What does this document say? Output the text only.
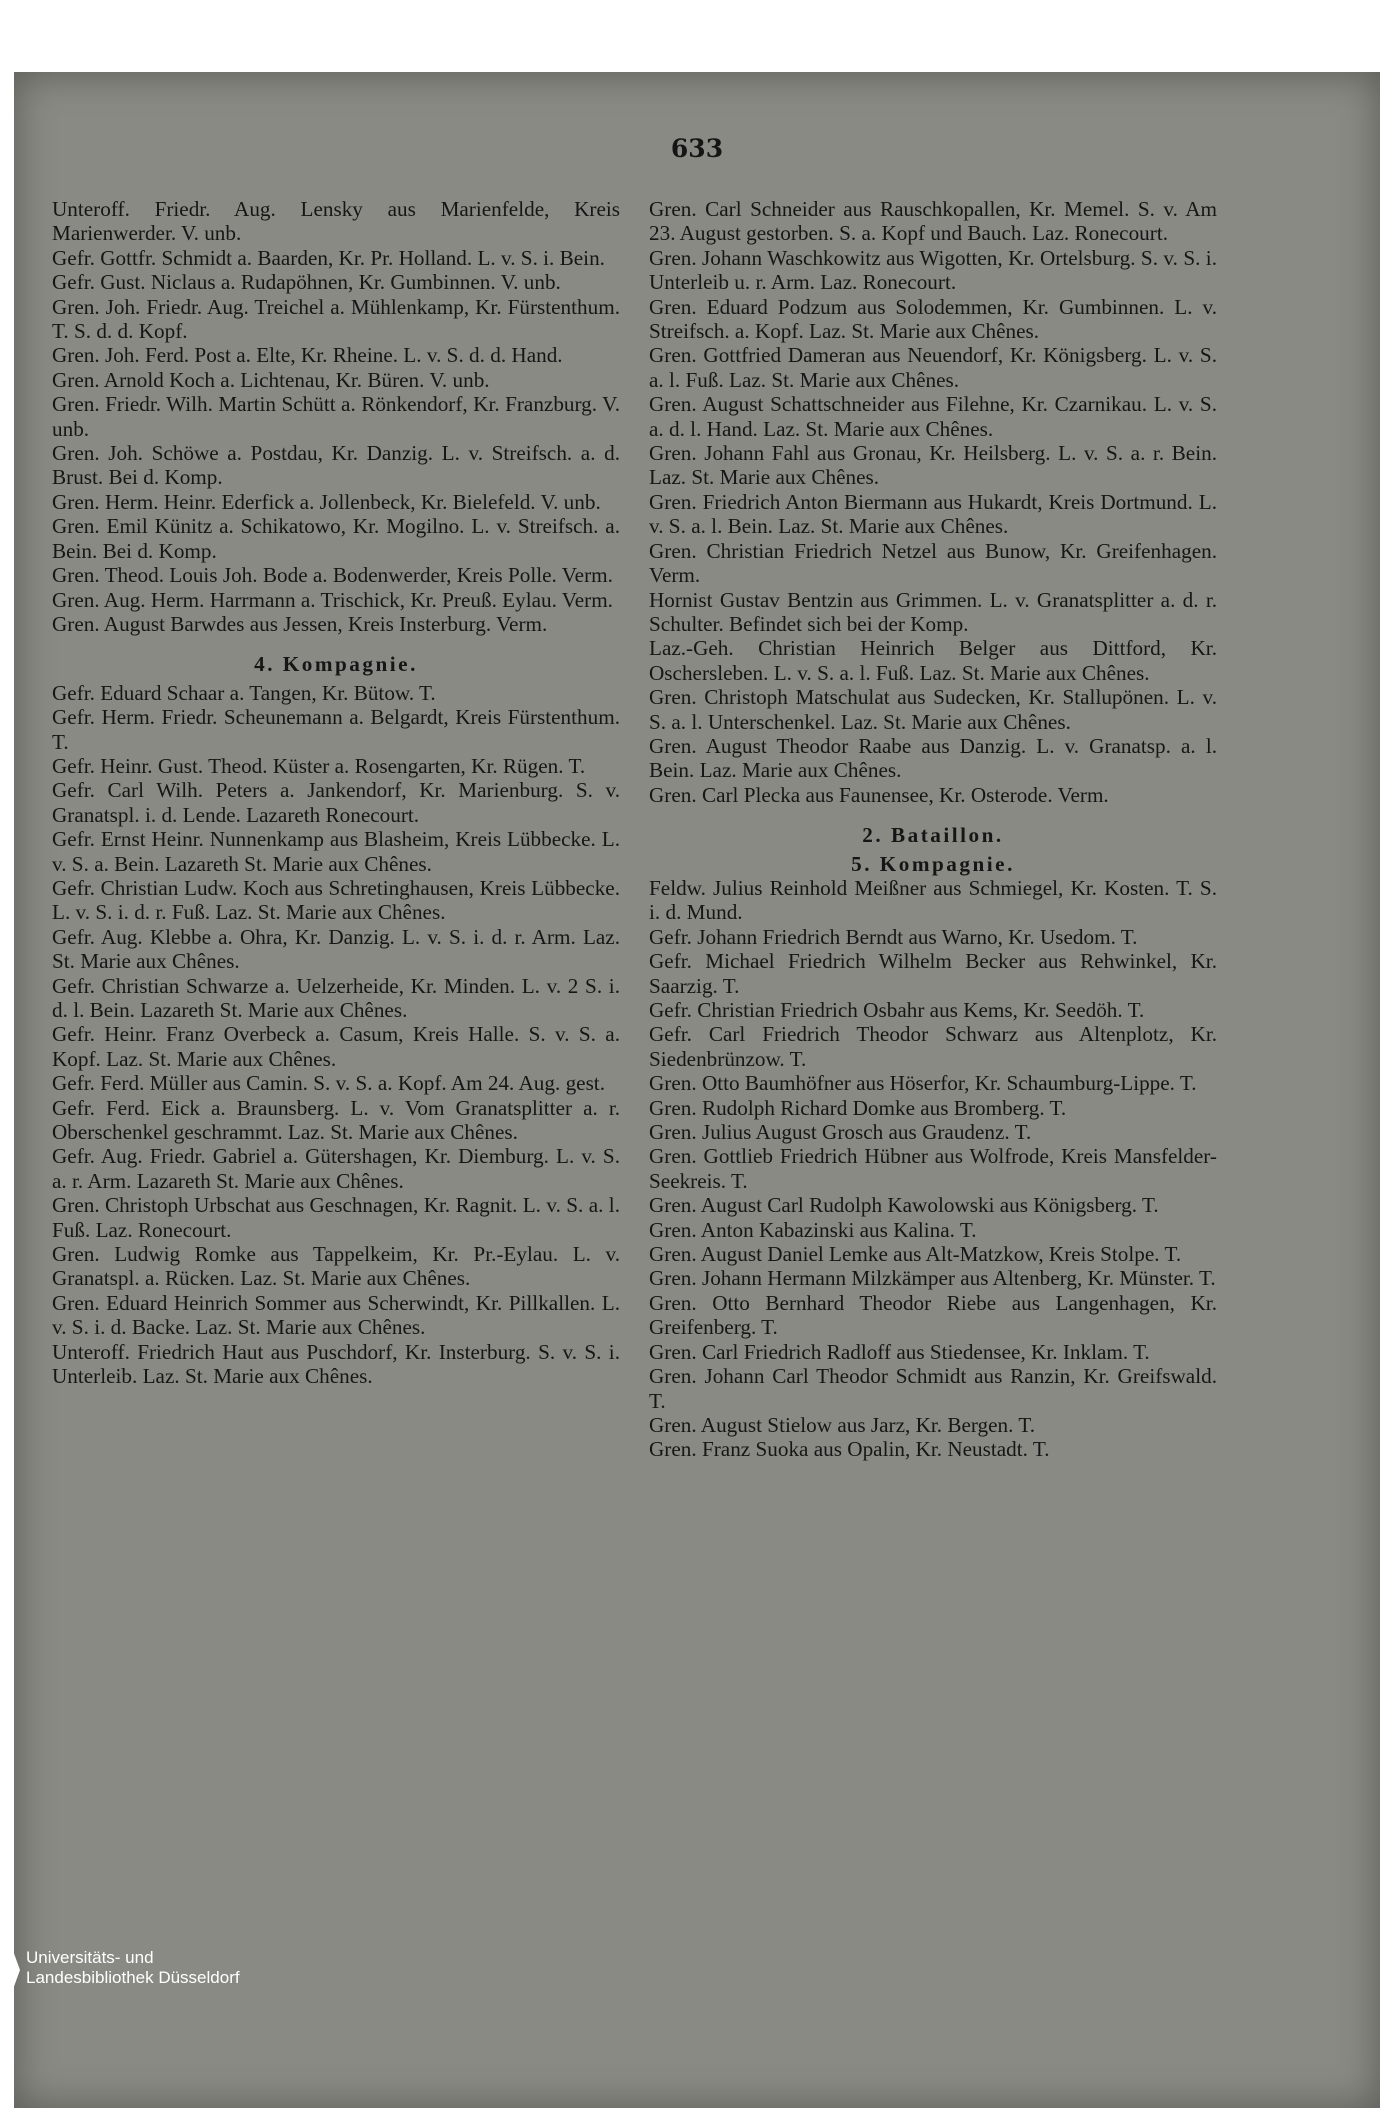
633

Unteroff. Friedr. Aug. Lensky aus Marienfelde, Kreis Marienwerder. V. unb.

Gefr. Gottfr. Schmidt a. Baarden, Kr. Pr. Holland. L. v. S. i. Bein.

Gefr. Gust. Niclaus a. Rudapöhnen, Kr. Gumbinnen. V. unb.

Gren. Joh. Friedr. Aug. Treichel a. Mühlenkamp, Kr. Fürstenthum. T. S. d. d. Kopf.

Gren. Joh. Ferd. Post a. Elte, Kr. Rheine. L. v. S. d. d. Hand.

Gren. Arnold Koch a. Lichtenau, Kr. Büren. V. unb.

Gren. Friedr. Wilh. Martin Schütt a. Rönkendorf, Kr. Franzburg. V. unb.

Gren. Joh. Schöwe a. Postdau, Kr. Danzig. L. v. Streifsch. a. d. Brust. Bei d. Komp.

Gren. Herm. Heinr. Ederfick a. Jollenbeck, Kr. Bielefeld. V. unb.

Gren. Emil Künitz a. Schikatowo, Kr. Mogilno. L. v. Streifsch. a. Bein. Bei d. Komp.

Gren. Theod. Louis Joh. Bode a. Bodenwerder, Kreis Polle. Verm.

Gren. Aug. Herm. Harrmann a. Trischick, Kr. Preuß. Eylau. Verm.

Gren. August Barwdes aus Jessen, Kreis Insterburg. Verm.

4. Kompagnie.

Gefr. Eduard Schaar a. Tangen, Kr. Bütow. T.

Gefr. Herm. Friedr. Scheunemann a. Belgardt, Kreis Fürstenthum. T.

Gefr. Heinr. Gust. Theod. Küster a. Rosengarten, Kr. Rügen. T.

Gefr. Carl Wilh. Peters a. Jankendorf, Kr. Marienburg. S. v. Granatspl. i. d. Lende. Lazareth Ronecourt.

Gefr. Ernst Heinr. Nunnenkamp aus Blasheim, Kreis Lübbecke. L. v. S. a. Bein. Lazareth St. Marie aux Chênes.

Gefr. Christian Ludw. Koch aus Schretinghausen, Kreis Lübbecke. L. v. S. i. d. r. Fuß. Laz. St. Marie aux Chênes.

Gefr. Aug. Klebbe a. Ohra, Kr. Danzig. L. v. S. i. d. r. Arm. Laz. St. Marie aux Chênes.

Gefr. Christian Schwarze a. Uelzerheide, Kr. Minden. L. v. 2 S. i. d. l. Bein. Lazareth St. Marie aux Chênes.

Gefr. Heinr. Franz Overbeck a. Casum, Kreis Halle. S. v. S. a. Kopf. Laz. St. Marie aux Chênes.

Gefr. Ferd. Müller aus Camin. S. v. S. a. Kopf. Am 24. Aug. gest.

Gefr. Ferd. Eick a. Braunsberg. L. v. Vom Granatsplitter a. r. Oberschenkel geschrammt. Laz. St. Marie aux Chênes.

Gefr. Aug. Friedr. Gabriel a. Gütershagen, Kr. Diemburg. L. v. S. a. r. Arm. Lazareth St. Marie aux Chênes.

Gren. Christoph Urbschat aus Geschnagen, Kr. Ragnit. L. v. S. a. l. Fuß. Laz. Ronecourt.

Gren. Ludwig Romke aus Tappelkeim, Kr. Pr.-Eylau. L. v. Granatspl. a. Rücken. Laz. St. Marie aux Chênes.

Gren. Eduard Heinrich Sommer aus Scherwindt, Kr. Pillkallen. L. v. S. i. d. Backe. Laz. St. Marie aux Chênes.

Unteroff. Friedrich Haut aus Puschdorf, Kr. Insterburg. S. v. S. i. Unterleib. Laz. St. Marie aux Chênes.

Gren. Carl Schneider aus Rauschkopallen, Kr. Memel. S. v. Am 23. August gestorben. S. a. Kopf und Bauch. Laz. Ronecourt.

Gren. Johann Waschkowitz aus Wigotten, Kr. Ortelsburg. S. v. S. i. Unterleib u. r. Arm. Laz. Ronecourt.

Gren. Eduard Podzum aus Solodemmen, Kr. Gumbinnen. L. v. Streifsch. a. Kopf. Laz. St. Marie aux Chênes.

Gren. Gottfried Dameran aus Neuendorf, Kr. Königsberg. L. v. S. a. l. Fuß. Laz. St. Marie aux Chênes.

Gren. August Schattschneider aus Filehne, Kr. Czarnikau. L. v. S. a. d. l. Hand. Laz. St. Marie aux Chênes.

Gren. Johann Fahl aus Gronau, Kr. Heilsberg. L. v. S. a. r. Bein. Laz. St. Marie aux Chênes.

Gren. Friedrich Anton Biermann aus Hukardt, Kreis Dortmund. L. v. S. a. l. Bein. Laz. St. Marie aux Chênes.

Gren. Christian Friedrich Netzel aus Bunow, Kr. Greifenhagen. Verm.

Hornist Gustav Bentzin aus Grimmen. L. v. Granatsplitter a. d. r. Schulter. Befindet sich bei der Komp.

Laz.-Geh. Christian Heinrich Belger aus Dittford, Kr. Oschersleben. L. v. S. a. l. Fuß. Laz. St. Marie aux Chênes.

Gren. Christoph Matschulat aus Sudecken, Kr. Stallupönen. L. v. S. a. l. Unterschenkel. Laz. St. Marie aux Chênes.

Gren. August Theodor Raabe aus Danzig. L. v. Granatsp. a. l. Bein. Laz. Marie aux Chênes.

Gren. Carl Plecka aus Faunensee, Kr. Osterode. Verm.

2. Bataillon.

5. Kompagnie.

Feldw. Julius Reinhold Meißner aus Schmiegel, Kr. Kosten. T. S. i. d. Mund.

Gefr. Johann Friedrich Berndt aus Warno, Kr. Usedom. T.

Gefr. Michael Friedrich Wilhelm Becker aus Rehwinkel, Kr. Saarzig. T.

Gefr. Christian Friedrich Osbahr aus Kems, Kr. Seedöh. T.

Gefr. Carl Friedrich Theodor Schwarz aus Altenplotz, Kr. Siedenbrünzow. T.

Gren. Otto Baumhöfner aus Höserfor, Kr. Schaumburg-Lippe. T.

Gren. Rudolph Richard Domke aus Bromberg. T.

Gren. Julius August Grosch aus Graudenz. T.

Gren. Gottlieb Friedrich Hübner aus Wolfrode, Kreis Mansfelder-Seekreis. T.

Gren. August Carl Rudolph Kawolowski aus Königsberg. T.

Gren. Anton Kabazinski aus Kalina. T.

Gren. August Daniel Lemke aus Alt-Matzkow, Kreis Stolpe. T.

Gren. Johann Hermann Milzkämper aus Altenberg, Kr. Münster. T.

Gren. Otto Bernhard Theodor Riebe aus Langenhagen, Kr. Greifenberg. T.

Gren. Carl Friedrich Radloff aus Stiedensee, Kr. Inklam. T.

Gren. Johann Carl Theodor Schmidt aus Ranzin, Kr. Greifswald. T.

Gren. August Stielow aus Jarz, Kr. Bergen. T.

Gren. Franz Suoka aus Opalin, Kr. Neustadt. T.

Universitäts- und
Landesbibliothek Düsseldorf
